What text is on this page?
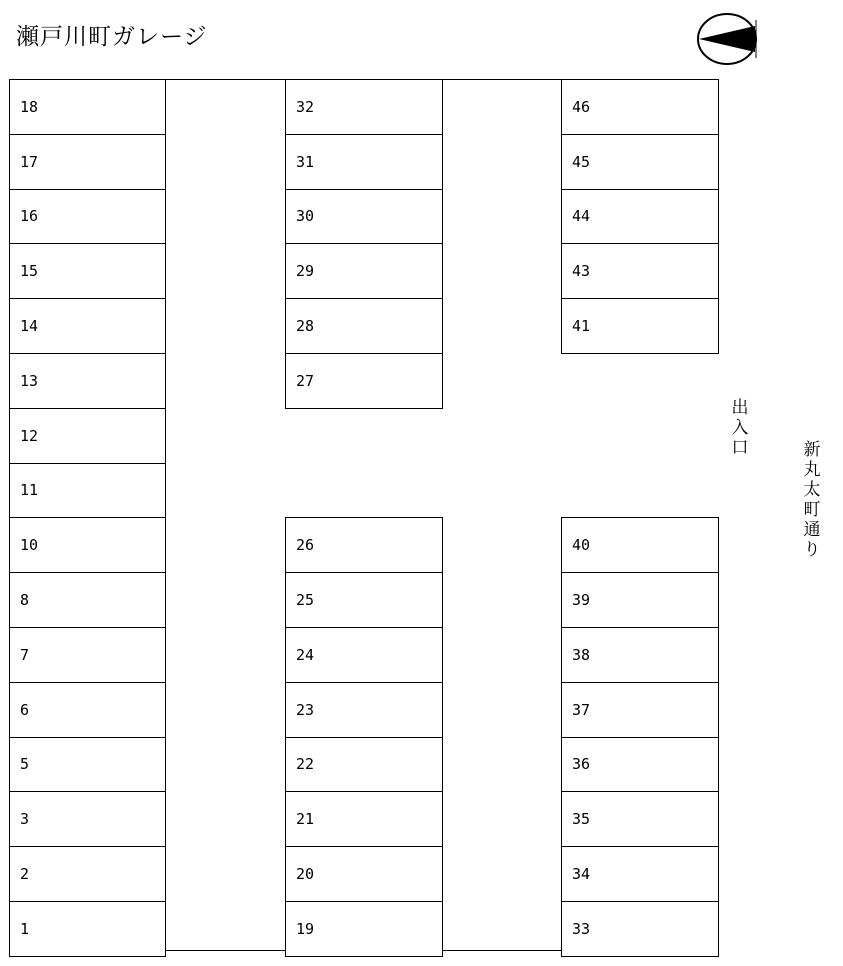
瀬戸川町ガレージ
18
17
16
15
14
13
12
11
10
8
7
6
5
3
2
1
32
31
30
29
28
27
26
25
24
23
22
21
20
19
46
45
44
43
41
40
39
38
37
36
35
34
33
出
入
口	新
丸
太
町
通
り
